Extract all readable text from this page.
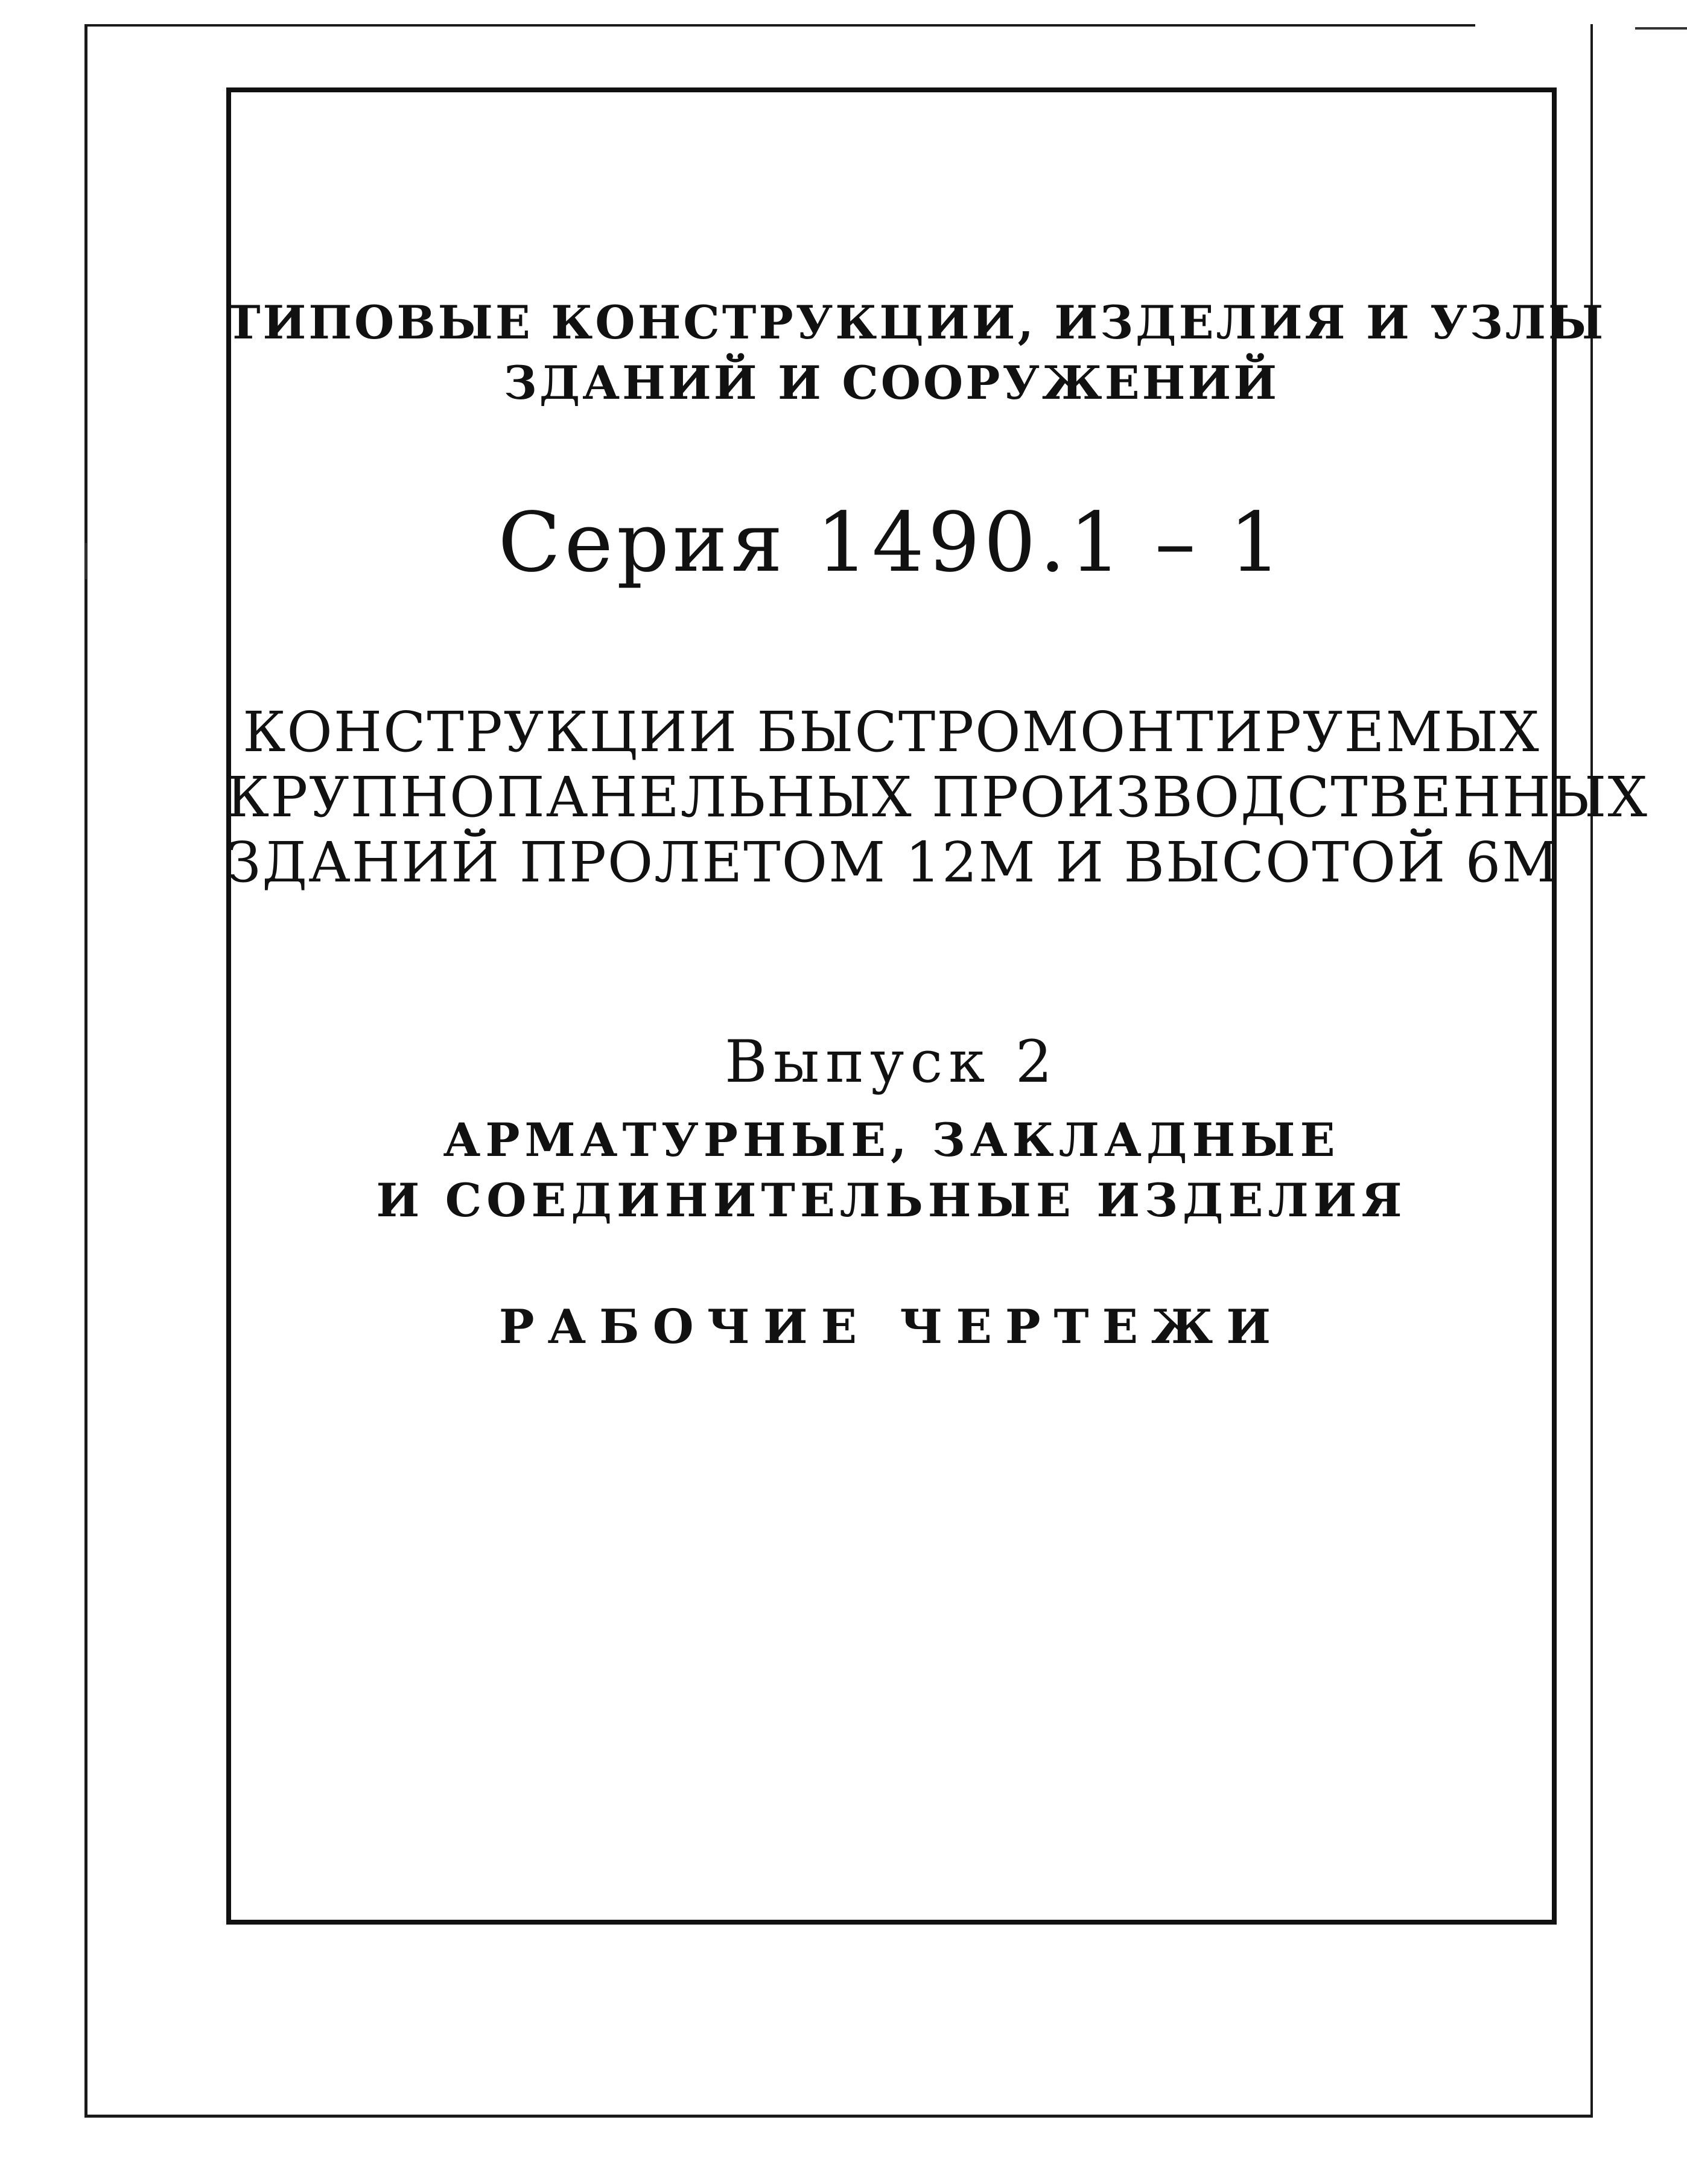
ТИПОВЫЕ КОНСТРУКЦИИ, ИЗДЕЛИЯ И УЗЛЫ
ЗДАНИЙ И СООРУЖЕНИЙ
Серия 1490.1 – 1
КОНСТРУКЦИИ БЫСТРОМОНТИРУЕМЫХ
КРУПНОПАНЕЛЬНЫХ ПРОИЗВОДСТВЕННЫХ
ЗДАНИЙ ПРОЛЕТОМ 12М И ВЫСОТОЙ 6М
Выпуск 2
АРМАТУРНЫЕ, ЗАКЛАДНЫЕ
И СОЕДИНИТЕЛЬНЫЕ ИЗДЕЛИЯ
РАБОЧИЕ ЧЕРТЕЖИ
